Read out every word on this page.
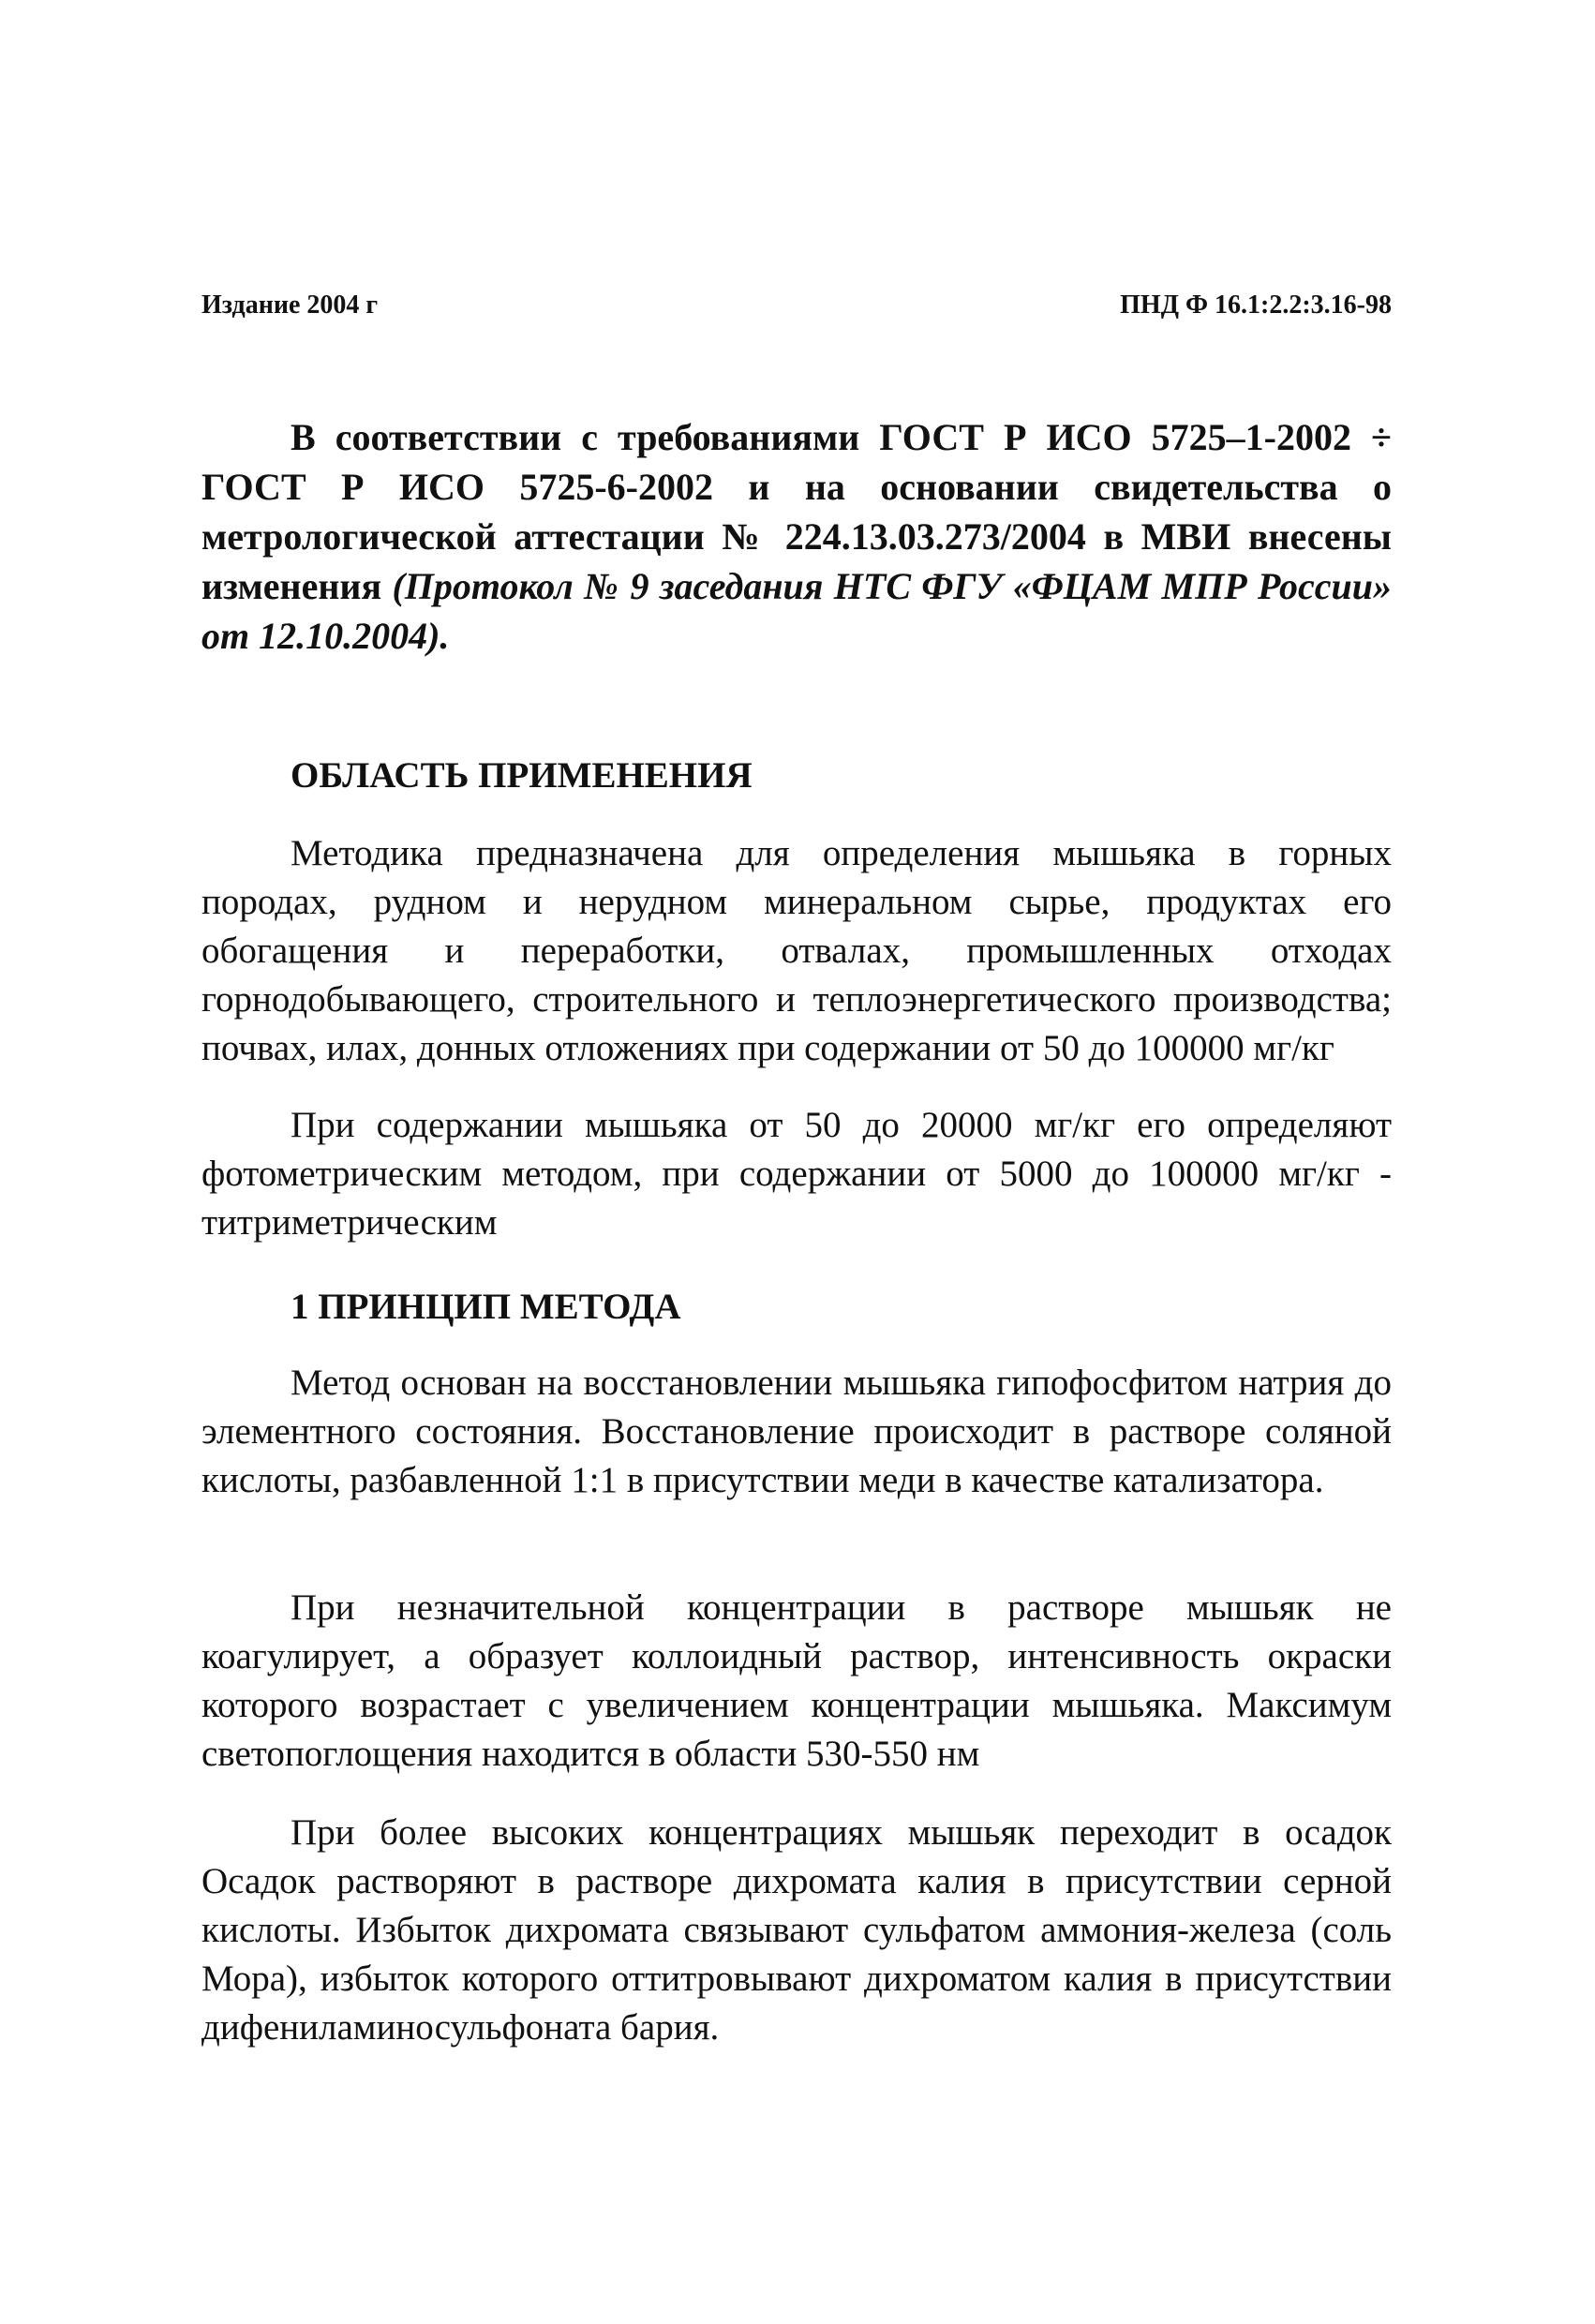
Издание 2004 г	ПНД Ф 16.1:2.2:3.16-98
В соответствии с требованиями ГОСТ Р ИСО 5725–1-2002 ÷ ГОСТ Р ИСО 5725-6-2002 и на основании свидетельства о метрологической аттестации № 224.13.03.273/2004 в МВИ внесены изменения (Протокол № 9 заседания НТС ФГУ «ФЦАМ МПР России» от 12.10.2004).
ОБЛАСТЬ ПРИМЕНЕНИЯ

Методика предназначена для определения мышьяка в горных породах, рудном и нерудном минеральном сырье, продуктах его обогащения и переработки, отвалах, промышленных отходах горнодобывающего, строительного и теплоэнергетического производства; почвах, илах, донных отложениях при содержании от 50 до 100000 мг/кг

При содержании мышьяка от 50 до 20000 мг/кг его определяют фотометрическим методом, при содержании от 5000 до 100000 мг/кг - титриметрическим

1 ПРИНЦИП МЕТОДА

Метод основан на восстановлении мышьяка гипофосфитом натрия до элементного состояния. Восстановление происходит в растворе соляной кислоты, разбавленной 1:1 в присутствии меди в качестве катализатора.

При незначительной концентрации в растворе мышьяк не коагулирует, а образует коллоидный раствор, интенсивность окраски которого возрастает с увеличением концентрации мышьяка. Максимум светопоглощения находится в области 530-550 нм

При более высоких концентрациях мышьяк переходит в осадок Осадок растворяют в растворе дихромата калия в присутствии серной кислоты. Избыток дихромата связывают сульфатом аммония-железа (соль Мора), избыток которого оттитровывают дихроматом калия в присутствии дифениламиносульфоната бария.
